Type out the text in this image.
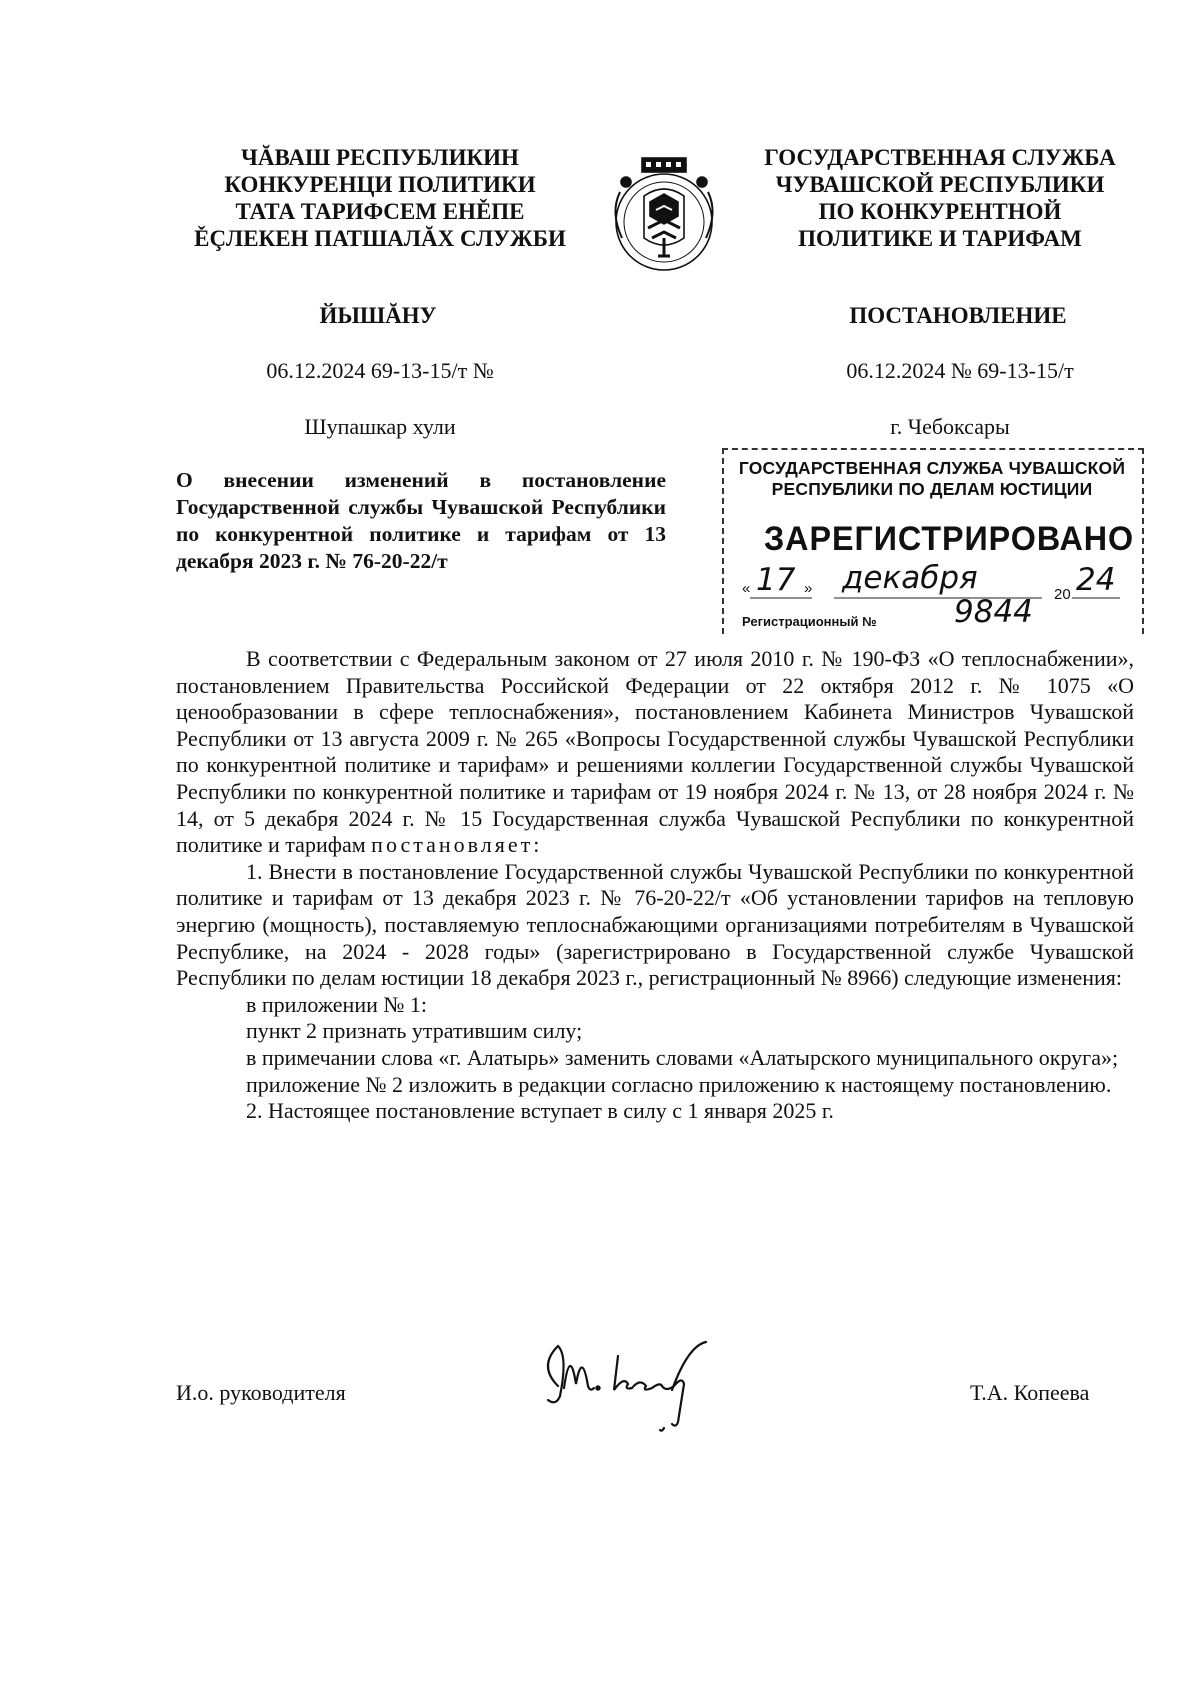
ЧĂВАШ РЕСПУБЛИКИН
КОНКУРЕНЦИ ПОЛИТИКИ
ТАТА ТАРИФСЕМ ЕНĚПЕ
ĚÇЛЕКЕН ПАТШАЛĂХ СЛУЖБИ
ГОСУДАРСТВЕННАЯ СЛУЖБА
ЧУВАШСКОЙ РЕСПУБЛИКИ
ПО КОНКУРЕНТНОЙ
ПОЛИТИКЕ И ТАРИФАМ
ЙЫШĂНУ	ПОСТАНОВЛЕНИЕ
06.12.2024 69-13-15/т №	06.12.2024 № 69-13-15/т
Шупашкар хули	г. Чебоксары
О внесении изменений в постановление Государственной службы Чувашской Республики по конкурентной политике и тарифам от 13 декабря 2023 г. № 76-20-22/т
ГОСУДАРСТВЕННАЯ СЛУЖБА ЧУВАШСКОЙ
РЕСПУБЛИКИ ПО ДЕЛАМ ЮСТИЦИИ
ЗАРЕГИСТРИРОВАНО
« 17 » декабря	20 24
Регистрационный № 9844

В соответствии с Федеральным законом от 27 июля 2010 г. № 190-ФЗ «О теплоснабжении», постановлением Правительства Российской Федерации от 22 октября 2012 г. № 1075 «О ценообразовании в сфере теплоснабжения», постановлением Кабинета Министров Чувашской Республики от 13 августа 2009 г. № 265 «Вопросы Государственной службы Чувашской Республики по конкурентной политике и тарифам» и решениями коллегии Государственной службы Чувашской Республики по конкурентной политике и тарифам от 19 ноября 2024 г. № 13, от 28 ноября 2024 г. № 14, от 5 декабря 2024 г. № 15 Государственная служба Чувашской Республики по конкурентной политике и тарифам постановляет:

1. Внести в постановление Государственной службы Чувашской Республики по конкурентной политике и тарифам от 13 декабря 2023 г. № 76-20-22/т «Об установлении тарифов на тепловую энергию (мощность), поставляемую теплоснабжающими организациями потребителям в Чувашской Республике, на 2024 - 2028 годы» (зарегистрировано в Государственной службе Чувашской Республики по делам юстиции 18 декабря 2023 г., регистрационный № 8966) следующие изменения:

в приложении № 1:

пункт 2 признать утратившим силу;

в примечании слова «г. Алатырь» заменить словами «Алатырского муниципального округа»;

приложение № 2 изложить в редакции согласно приложению к настоящему постановлению.

2. Настоящее постановление вступает в силу с 1 января 2025 г.

И.о. руководителя	Т.А. Копеева
